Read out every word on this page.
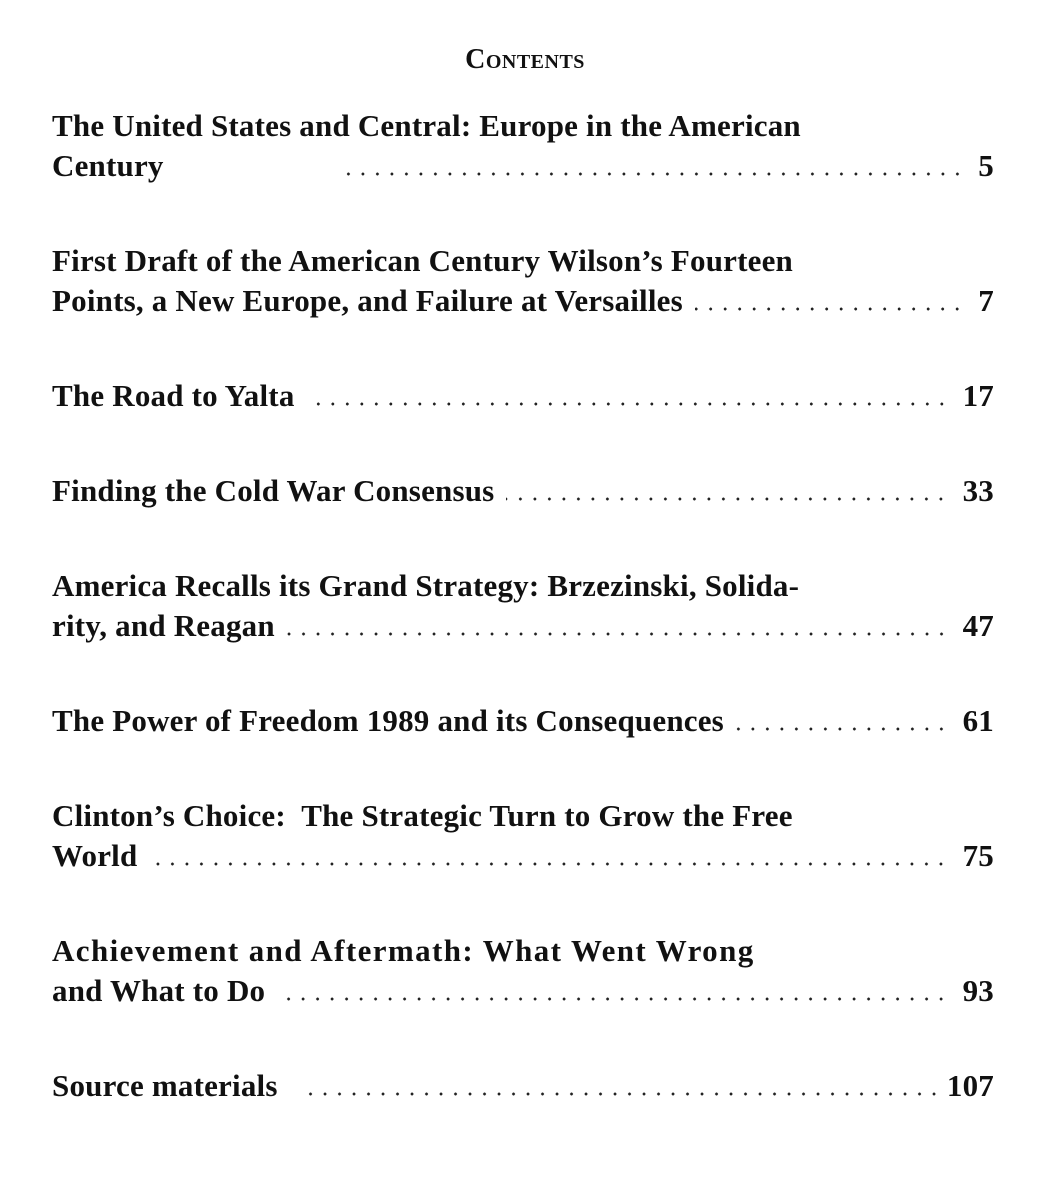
Contents
The United States and Central: Europe in the American
Century	5
First Draft of the American Century Wilson’s Fourteen
Points, a New Europe, and Failure at Versailles	7
The Road to Yalta	17
Finding the Cold War Consensus	33
America Recalls its Grand Strategy: Brzezinski, Solida-
rity, and Reagan	47
The Power of Freedom 1989 and its Consequences	61
Clinton’s Choice:  The Strategic Turn to Grow the Free
World	75
Achievement and Aftermath: What Went Wrong
and What to Do	93
Source materials	107
